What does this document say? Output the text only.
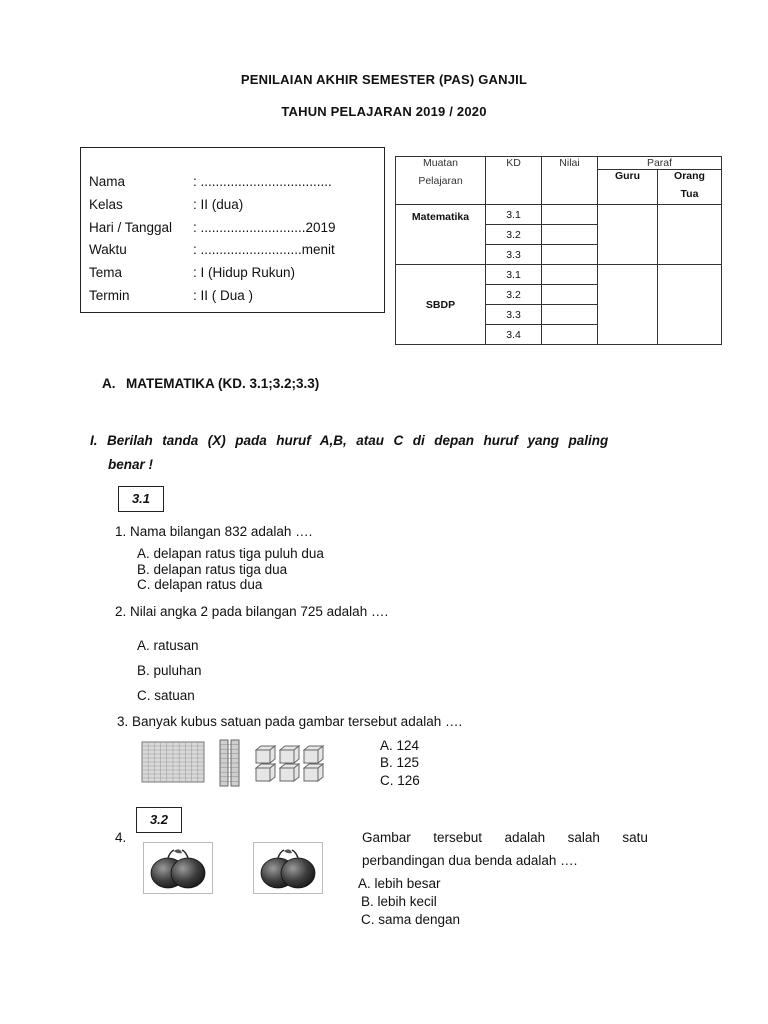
PENILAIAN AKHIR SEMESTER (PAS) GANJIL
TAHUN PELAJARAN 2019 / 2020
Nama	: ...................................
Kelas	: II (dua)
Hari / Tanggal : ............................2019
Waktu	: ...........................menit
Tema	: I (Hidup Rukun)
Termin	: II ( Dua )
Muatan
Pelajaran	KD	Nilai	Paraf	
			Guru	Orang
Tua

Matematika	3.1			
	3.2			
	3.3			
SBDP	3.1			
	3.2			
	3.3			
	3.4			
A. MATEMATIKA (KD. 3.1;3.2;3.3)
I.  Berilah  tanda  (X)  pada  huruf  A,B,  atau  C  di  depan  huruf  yang  paling
benar !
3.1
1. Nama bilangan 832 adalah ….
A. delapan ratus tiga puluh dua
B. delapan ratus tiga dua
C. delapan ratus dua
2. Nilai angka 2 pada bilangan 725 adalah ….
A. ratusan
B. puluhan
C. satuan
3. Banyak kubus satuan pada gambar tersebut adalah ….
A. 124
B. 125
C. 126
3.2
4.	Gambar      tersebut      adalah      salah      satu
perbandingan dua benda adalah ….
A. lebih besar
B. lebih kecil
C. sama dengan
